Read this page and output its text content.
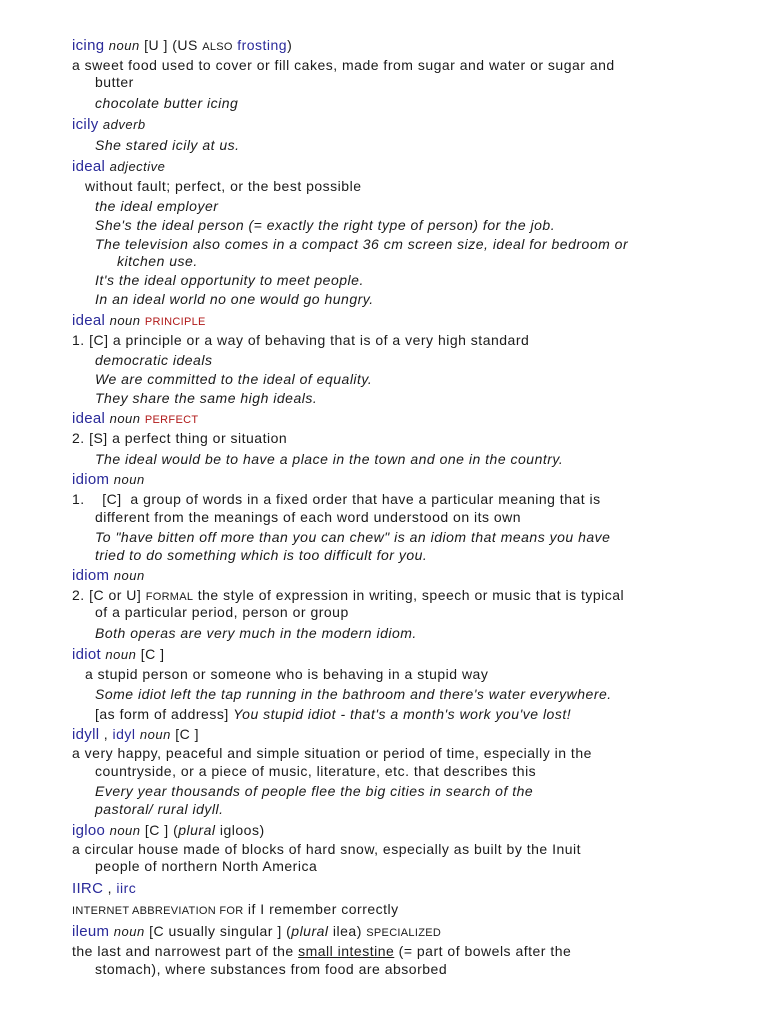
icing noun [U ] (US ALSO frosting)
a sweet food used to cover or fill cakes, made from sugar and water or sugar and
butter
chocolate butter icing
icily adverb
She stared icily at us.
ideal adjective
without fault; perfect, or the best possible
the ideal employer
She's the ideal person (= exactly the right type of person) for the job.
The television also comes in a compact 36 cm screen size, ideal for bedroom or
kitchen use.
It's the ideal opportunity to meet people.
In an ideal world no one would go hungry.
ideal noun PRINCIPLE
1. [C] a principle or a way of behaving that is of a very high standard
democratic ideals
We are committed to the ideal of equality.
They share the same high ideals.
ideal noun PERFECT
2. [S] a perfect thing or situation
The ideal would be to have a place in the town and one in the country.
idiom noun
1.    [C]  a group of words in a fixed order that have a particular meaning that is
different from the meanings of each word understood on its own
To "have bitten off more than you can chew" is an idiom that means you have
tried to do something which is too difficult for you.
idiom noun
2. [C or U] FORMAL the style of expression in writing, speech or music that is typical
of a particular period, person or group
Both operas are very much in the modern idiom.
idiot noun [C ]
a stupid person or someone who is behaving in a stupid way
Some idiot left the tap running in the bathroom and there's water everywhere.
[as form of address] You stupid idiot - that's a month's work you've lost!
idyll , idyl noun [C ]
a very happy, peaceful and simple situation or period of time, especially in the
countryside, or a piece of music, literature, etc. that describes this
Every year thousands of people flee the big cities in search of the
pastoral/ rural idyll.
igloo noun [C ] (plural igloos)
a circular house made of blocks of hard snow, especially as built by the Inuit
people of northern North America
IIRC , iirc
INTERNET ABBREVIATION FOR if I remember correctly
ileum noun [C usually singular ] (plural ilea) SPECIALIZED
the last and narrowest part of the small intestine (= part of bowels after the
stomach), where substances from food are absorbed
